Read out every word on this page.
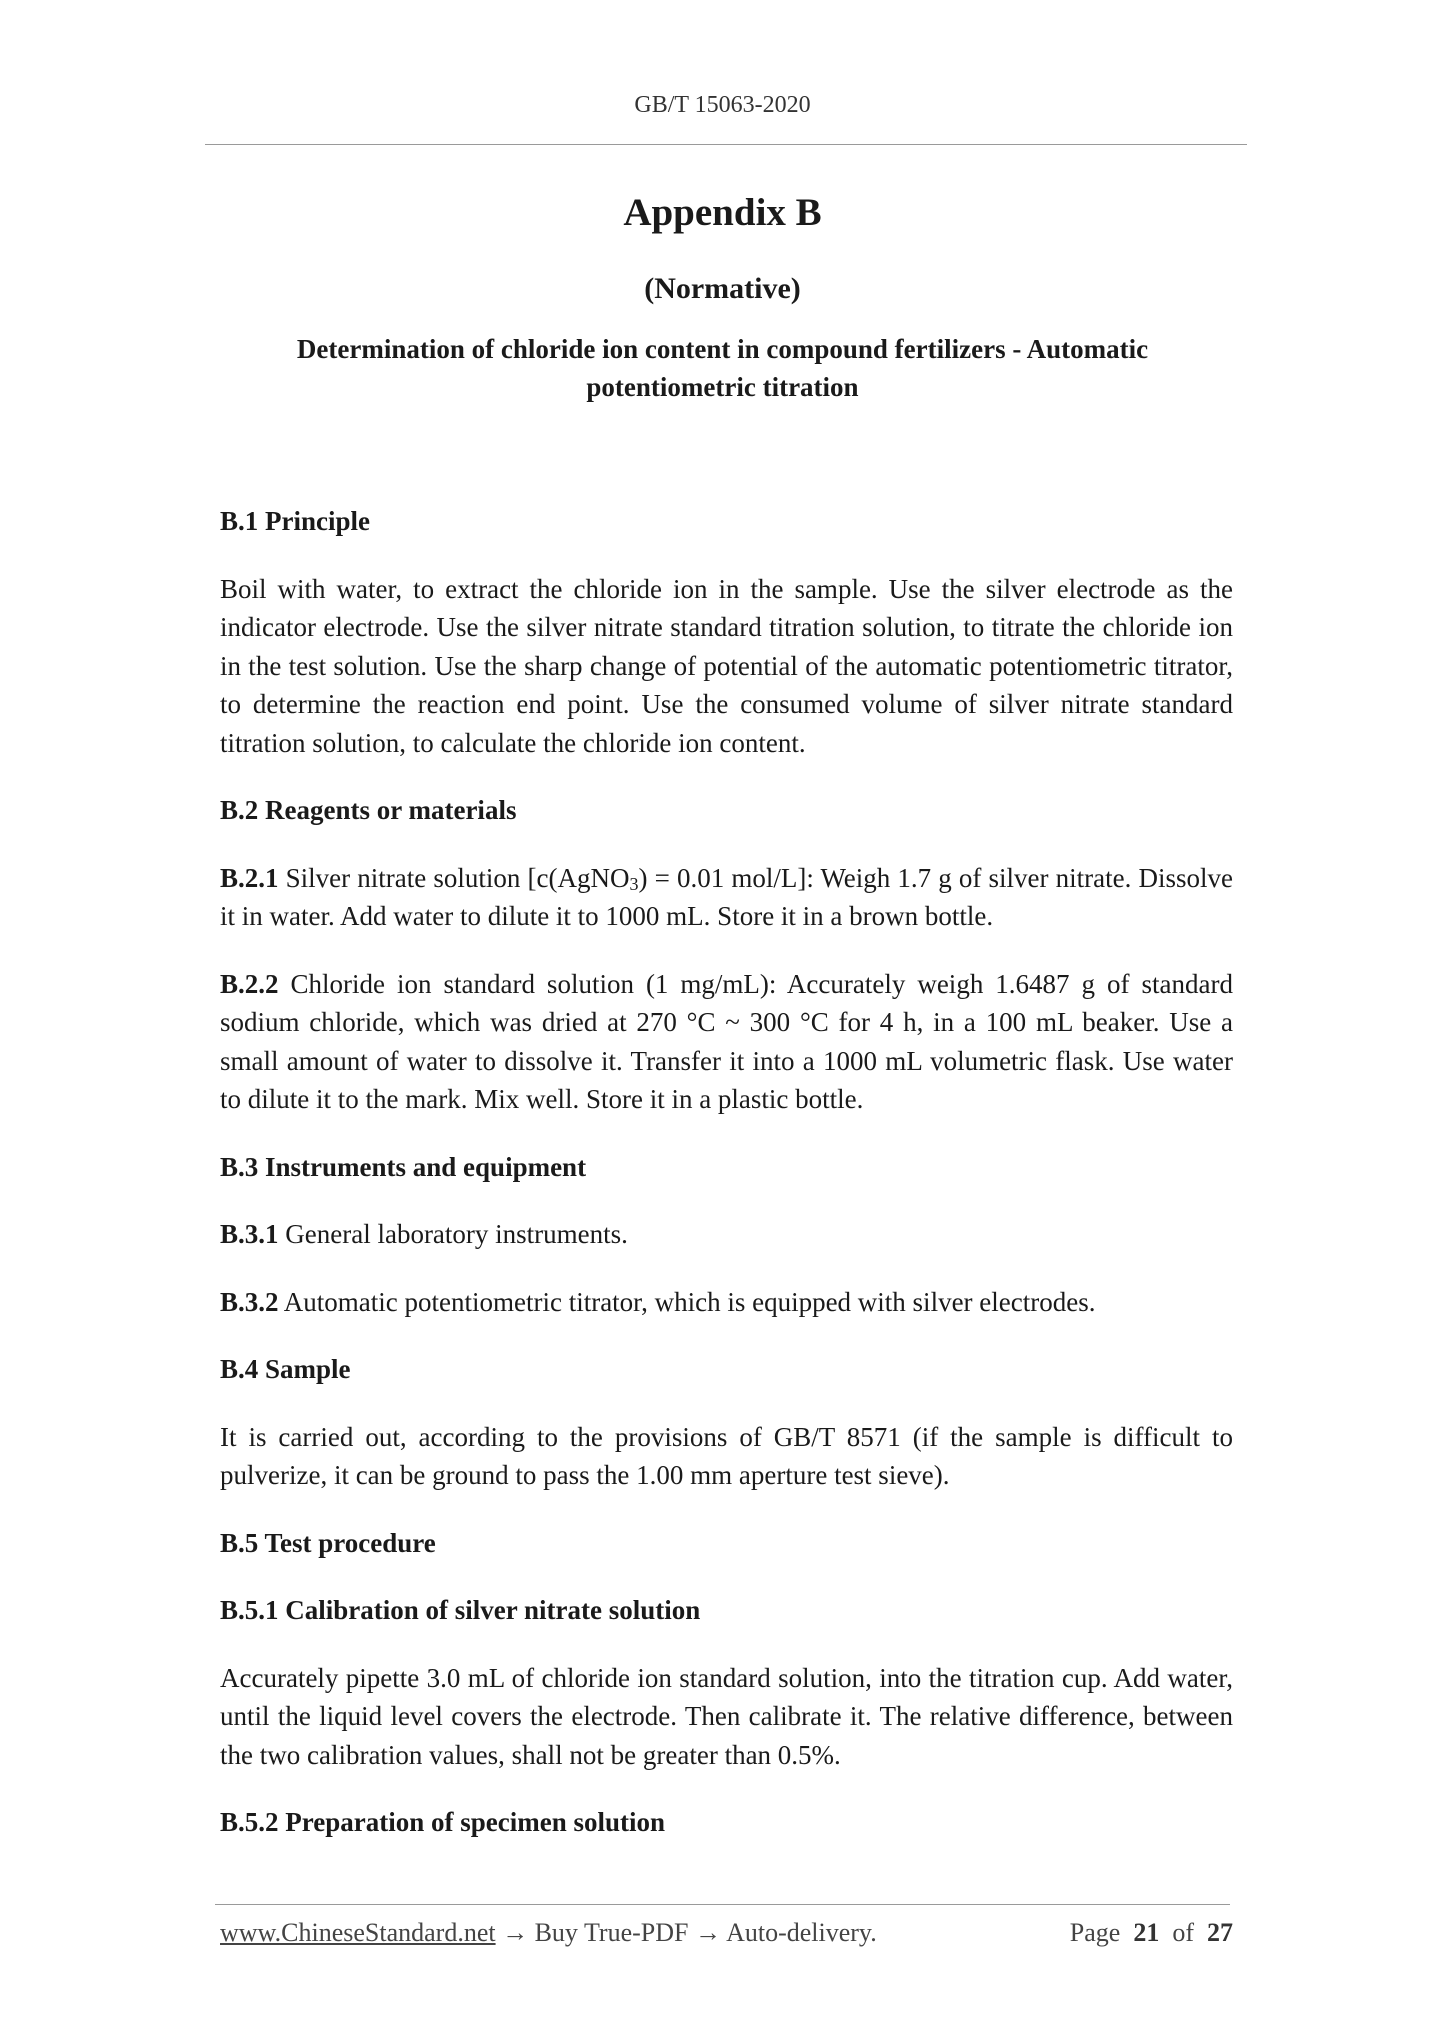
GB/T 15063-2020
Appendix B
(Normative)
Determination of chloride ion content in compound fertilizers - Automatic potentiometric titration

B.1 Principle

Boil with water, to extract the chloride ion in the sample. Use the silver electrode as the indicator electrode. Use the silver nitrate standard titration solution, to titrate the chloride ion in the test solution. Use the sharp change of potential of the automatic potentiometric titrator, to determine the reaction end point. Use the consumed volume of silver nitrate standard titration solution, to calculate the chloride ion content.

B.2 Reagents or materials

B.2.1 Silver nitrate solution [c(AgNO3) = 0.01 mol/L]: Weigh 1.7 g of silver nitrate. Dissolve it in water. Add water to dilute it to 1000 mL. Store it in a brown bottle.

B.2.2 Chloride ion standard solution (1 mg/mL): Accurately weigh 1.6487 g of standard sodium chloride, which was dried at 270 °C ~ 300 °C for 4 h, in a 100 mL beaker. Use a small amount of water to dissolve it. Transfer it into a 1000 mL volumetric flask. Use water to dilute it to the mark. Mix well. Store it in a plastic bottle.

B.3 Instruments and equipment

B.3.1 General laboratory instruments.

B.3.2 Automatic potentiometric titrator, which is equipped with silver electrodes.

B.4 Sample

It is carried out, according to the provisions of GB/T 8571 (if the sample is difficult to pulverize, it can be ground to pass the 1.00 mm aperture test sieve).

B.5 Test procedure

B.5.1 Calibration of silver nitrate solution

Accurately pipette 3.0 mL of chloride ion standard solution, into the titration cup. Add water, until the liquid level covers the electrode. Then calibrate it. The relative difference, between the two calibration values, shall not be greater than 0.5%.

B.5.2 Preparation of specimen solution

www.ChineseStandard.net → Buy True-PDF → Auto-delivery.	Page 21 of 27
